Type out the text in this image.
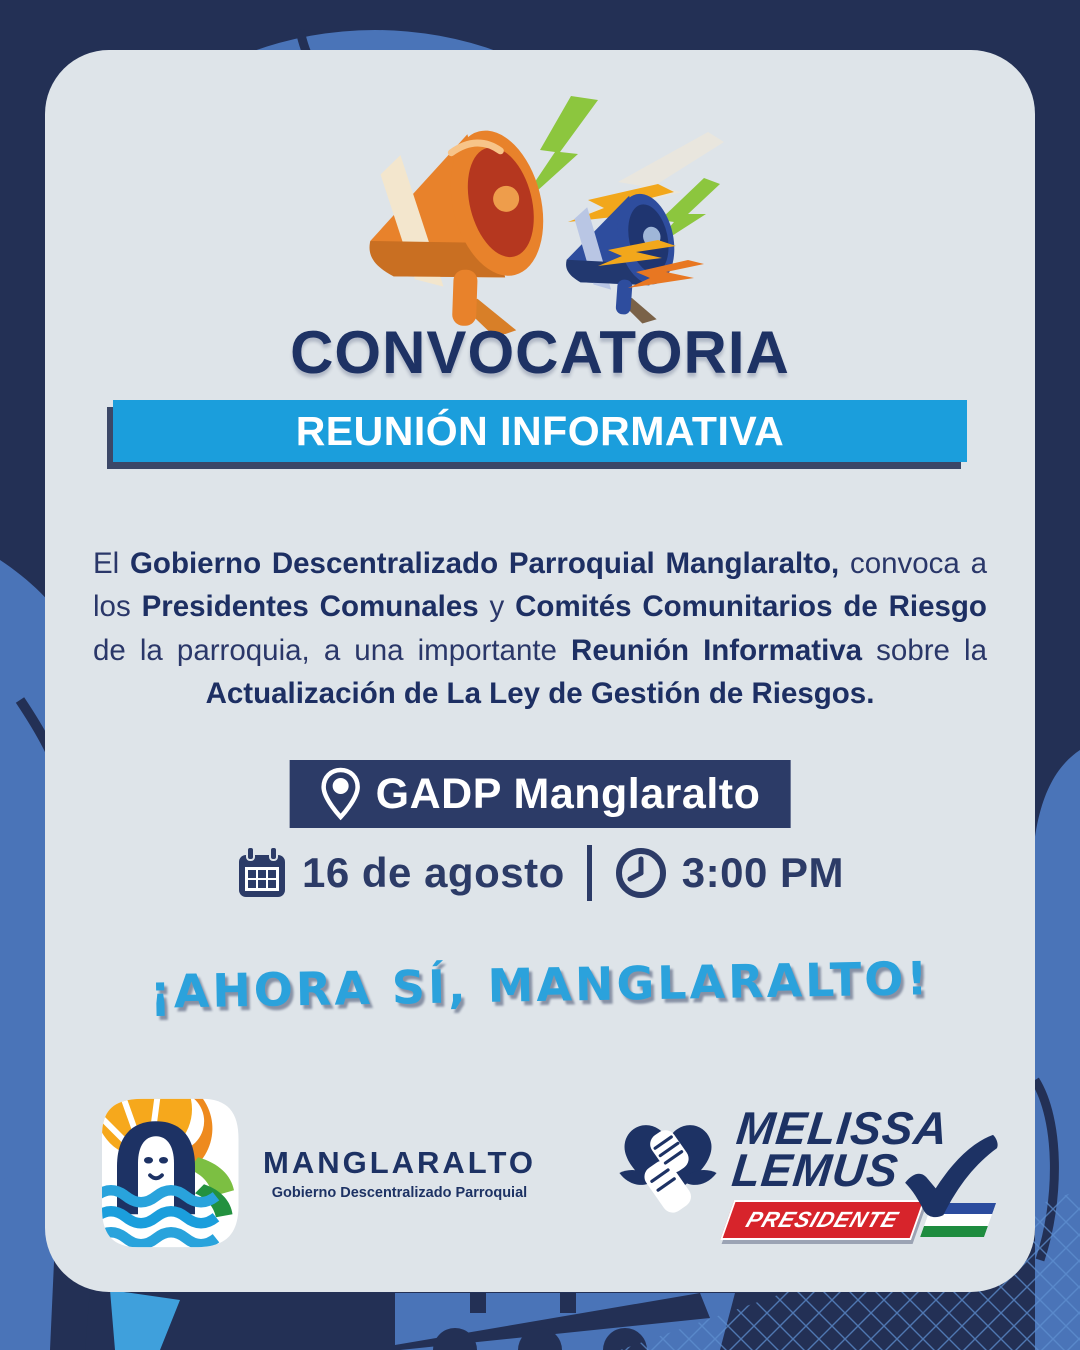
CONVOCATORIA
REUNIÓN INFORMATIVA

El Gobierno Descentralizado Parroquial Manglaralto, convoca a los Presidentes Comunales y Comités Comunitarios de Riesgo de la parroquia, a una importante Reunión Informativa sobre la Actualización de La Ley de Gestión de Riesgos.

GADP Manglaralto
16 de agosto	3:00 PM
¡AHORA SÍ, MANGLARALTO!
MANGLARALTO
Gobierno Descentralizado Parroquial
MELISSA
LEMUS
PRESIDENTE
